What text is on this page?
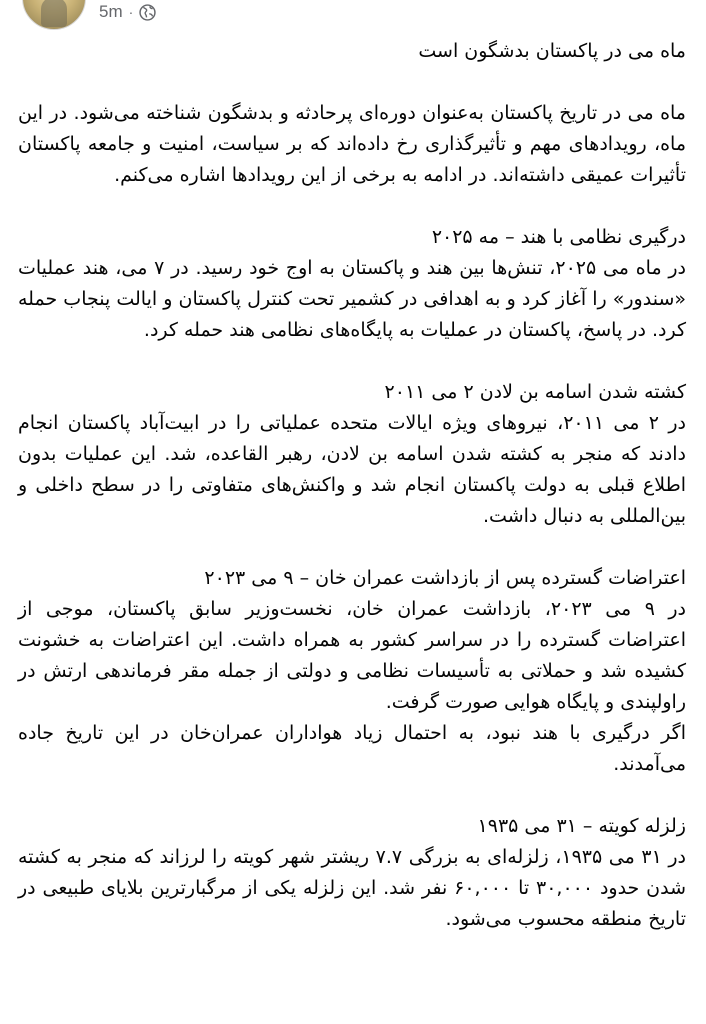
5m ·

ماه می در پاکستان بدشگون است

ماه می در تاریخ پاکستان به‌عنوان دوره‌ای پرحادثه و بدشگون شناخته می‌شود. در این ماه، رویدادهای مهم و تأثیرگذاری رخ داده‌اند که بر سیاست، امنیت و جامعه پاکستان تأثیرات عمیقی داشته‌اند. در ادامه به برخی از این رویدادها اشاره می‌کنم.

درگیری نظامی با هند – مه ۲۰۲۵
در ماه می ۲۰۲۵، تنش‌ها بین هند و پاکستان به اوج خود رسید. در ۷ می، هند عملیات «سندور» را آغاز کرد و به اهدافی در کشمیر تحت کنترل پاکستان و ایالت پنجاب حمله کرد. در پاسخ، پاکستان در عملیات به پایگاه‌های نظامی هند حمله کرد.

کشته شدن اسامه بن لادن ۲ می ۲۰۱۱
در ۲ می ۲۰۱۱، نیروهای ویژه ایالات متحده عملیاتی را در ابیت‌آباد پاکستان انجام دادند که منجر به کشته شدن اسامه بن لادن، رهبر القاعده، شد. این عملیات بدون اطلاع قبلی به دولت پاکستان انجام شد و واکنش‌های متفاوتی را در سطح داخلی و بین‌المللی به دنبال داشت.

اعتراضات گسترده پس از بازداشت عمران خان – ۹ می ۲۰۲۳
در ۹ می ۲۰۲۳، بازداشت عمران خان، نخست‌وزیر سابق پاکستان، موجی از اعتراضات گسترده را در سراسر کشور به همراه داشت. این اعتراضات به خشونت کشیده شد و حملاتی به تأسیسات نظامی و دولتی از جمله مقر فرماندهی ارتش در راولپندی و پایگاه هوایی صورت گرفت.
اگر درگیری با هند نبود، به احتمال زیاد هواداران عمران‌خان در این تاریخ جاده می‌آمدند.

زلزله کویته – ۳۱ می ۱۹۳۵
در ۳۱ می ۱۹۳۵، زلزله‌ای به بزرگی ۷.۷ ریشتر شهر کویته را لرزاند که منجر به کشته شدن حدود ۳۰,۰۰۰ تا ۶۰,۰۰۰ نفر شد. این زلزله یکی از مرگبارترین بلایای طبیعی در تاریخ منطقه محسوب می‌شود.
